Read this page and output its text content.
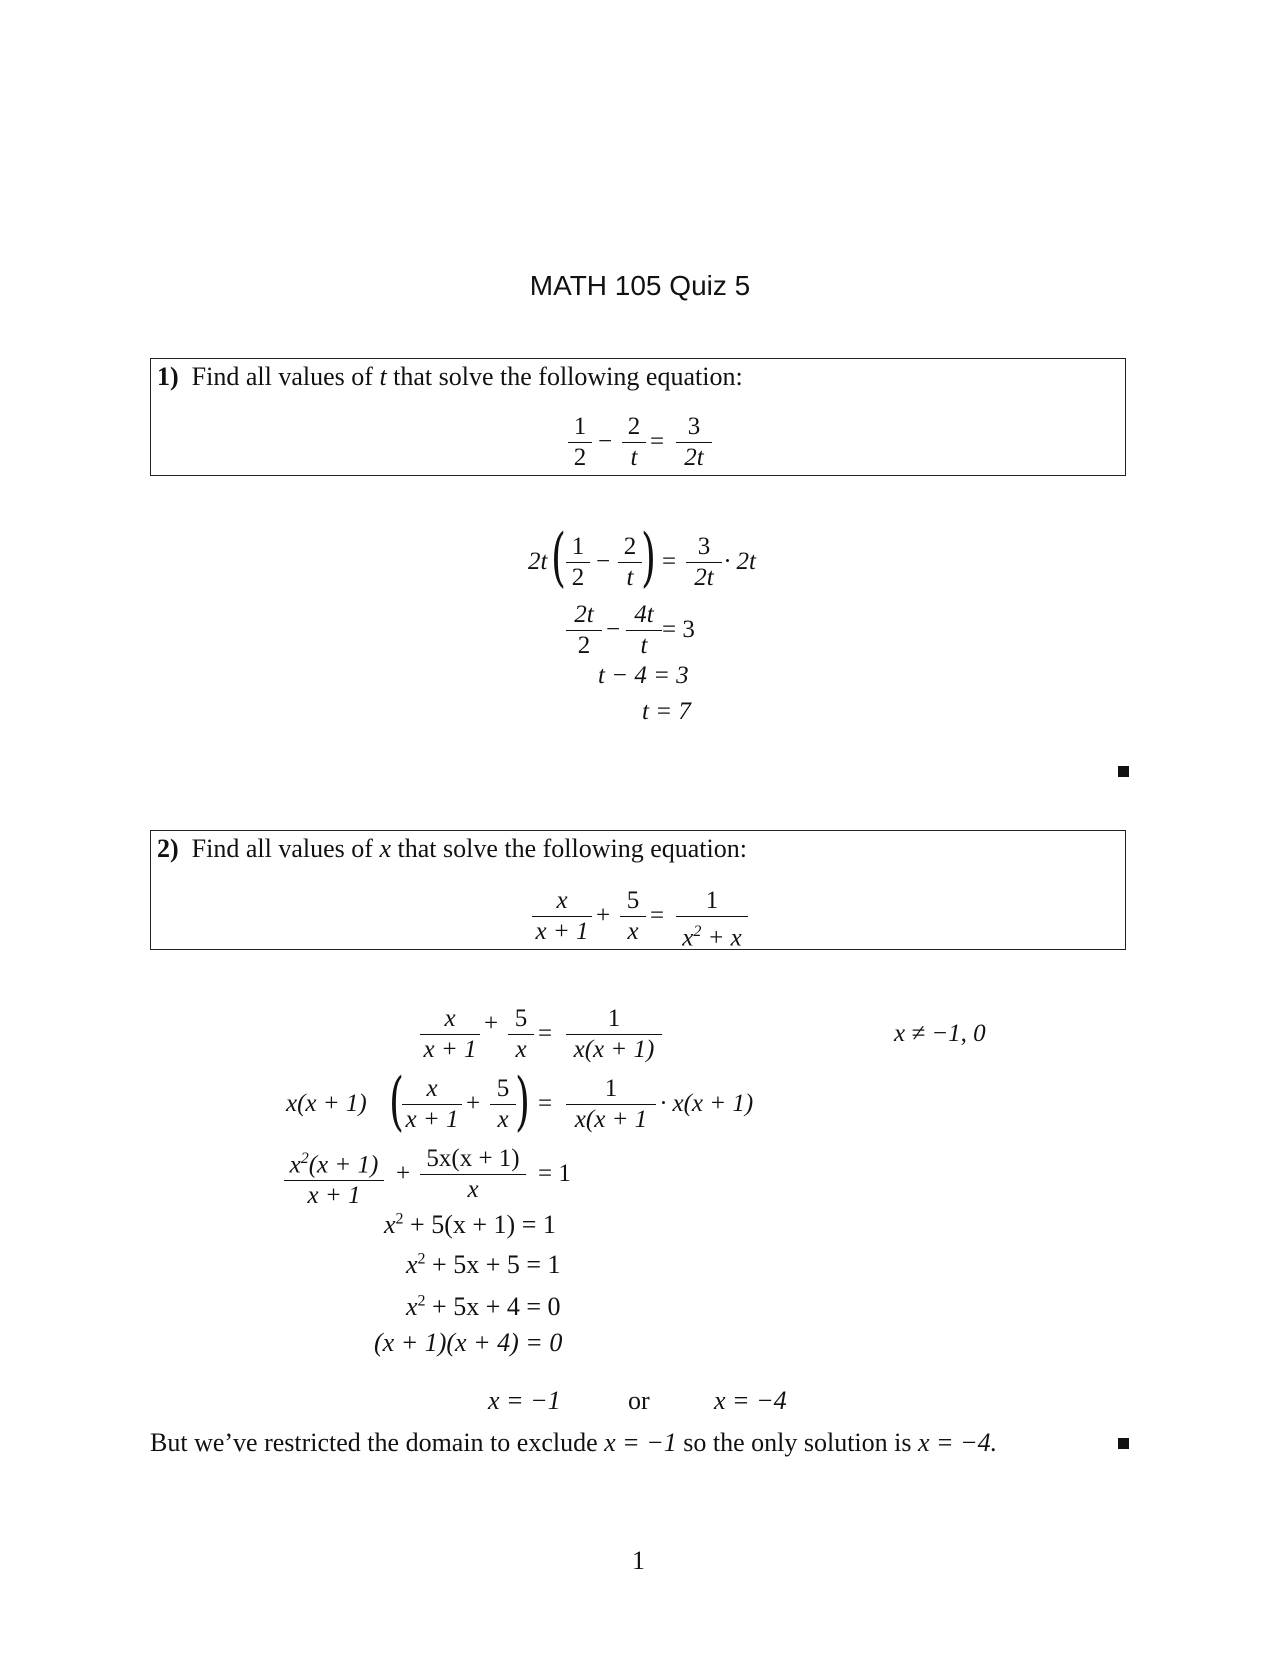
MATH 105 Quiz 5
1) Find all values of t that solve the following equation:
1
2
−
2
t
=
3
2t
2t ( 1
2
−
2
t ) =
3
2t
· 2t
2t
2
−
4t
t
= 3
t − 4 = 3
t = 7
2) Find all values of x that solve the following equation:
x
x + 1
+
5
x
=
1
$x^2 + x$
x
x + 1
+ 5
x
=
1
x(x + 1)
x ≠ −1, 0
x(x + 1) ( x
x + 1
+
5
x ) =
1
x(x + 1
· x(x + 1)
$x^2(x + 1)$
x + 1
+
5x(x + 1)
x
= 1
$x^2 + 5(x + 1) = 1$
$x^2 + 5x + 5 = 1$
$x^2 + 5x + 4 = 0$
(x + 1)(x + 4) = 0
x = −1	or x = −4
But we’ve restricted the domain to exclude x = −1 so the only solution is x = −4.
1
